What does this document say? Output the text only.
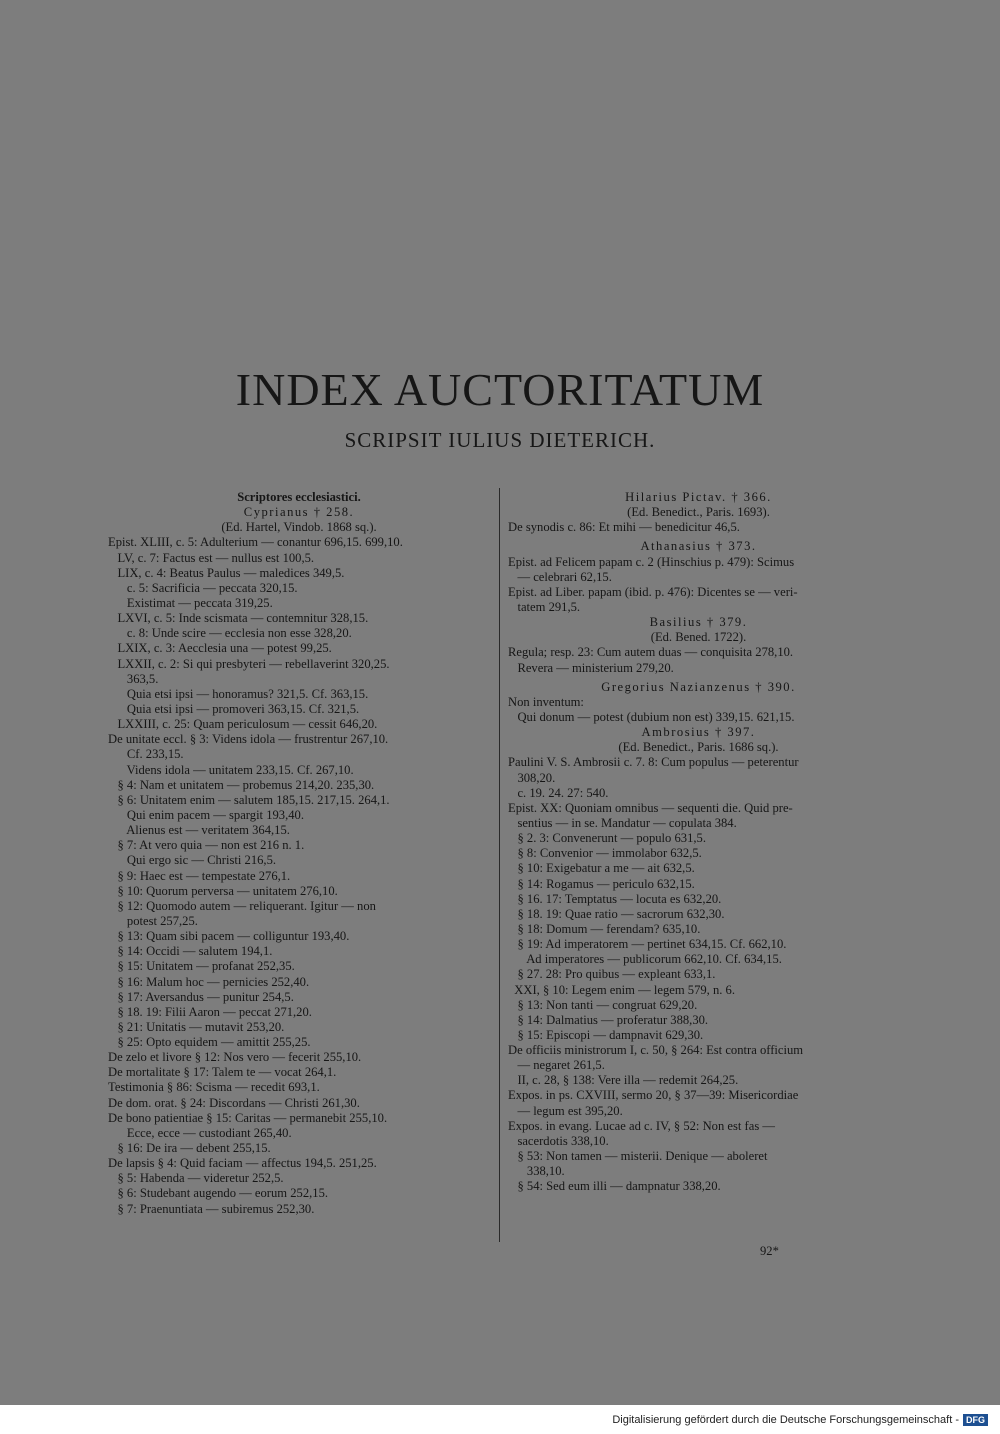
INDEX AUCTORITATUM
SCRIPSIT IULIUS DIETERICH.
Scriptores ecclesiastici.
Cyprianus † 258.
(Ed. Hartel, Vindob. 1868 sq.).
Epist. XLIII, c. 5: Adulterium — conantur 696,15. 699,10.
LV, c. 7: Factus est — nullus est 100,5.
LIX, c. 4: Beatus Paulus — maledices 349,5.
c. 5: Sacrificia — peccata 320,15.
Existimat — peccata 319,25.
LXVI, c. 5: Inde scismata — contemnitur 328,15.
c. 8: Unde scire — ecclesia non esse 328,20.
LXIX, c. 3: Aecclesia una — potest 99,25.
LXXII, c. 2: Si qui presbyteri — rebellaverint 320,25.
363,5.
Quia etsi ipsi — honoramus? 321,5. Cf. 363,15.
Quia etsi ipsi — promoveri 363,15. Cf. 321,5.
LXXIII, c. 25: Quam periculosum — cessit 646,20.
De unitate eccl. § 3: Videns idola — frustrentur 267,10.
Cf. 233,15.
Videns idola — unitatem 233,15. Cf. 267,10.
§ 4: Nam et unitatem — probemus 214,20. 235,30.
§ 6: Unitatem enim — salutem 185,15. 217,15. 264,1.
Qui enim pacem — spargit 193,40.
Alienus est — veritatem 364,15.
§ 7: At vero quia — non est 216 n. 1.
Qui ergo sic — Christi 216,5.
§ 9: Haec est — tempestate 276,1.
§ 10: Quorum perversa — unitatem 276,10.
§ 12: Quomodo autem — reliquerant. Igitur — non
potest 257,25.
§ 13: Quam sibi pacem — colliguntur 193,40.
§ 14: Occidi — salutem 194,1.
§ 15: Unitatem — profanat 252,35.
§ 16: Malum hoc — pernicies 252,40.
§ 17: Aversandus — punitur 254,5.
§ 18. 19: Filii Aaron — peccat 271,20.
§ 21: Unitatis — mutavit 253,20.
§ 25: Opto equidem — amittit 255,25.
De zelo et livore § 12: Nos vero — fecerit 255,10.
De mortalitate § 17: Talem te — vocat 264,1.
Testimonia § 86: Scisma — recedit 693,1.
De dom. orat. § 24: Discordans — Christi 261,30.
De bono patientiae § 15: Caritas — permanebit 255,10.
Ecce, ecce — custodiant 265,40.
§ 16: De ira — debent 255,15.
De lapsis § 4: Quid faciam — affectus 194,5. 251,25.
§ 5: Habenda — videretur 252,5.
§ 6: Studebant augendo — eorum 252,15.
§ 7: Praenuntiata — subiremus 252,30.
Hilarius Pictav. † 366.
(Ed. Benedict., Paris. 1693).
De synodis c. 86: Et mihi — benedicitur 46,5.
Athanasius † 373.
Epist. ad Felicem papam c. 2 (Hinschius p. 479): Scimus
— celebrari 62,15.
Epist. ad Liber. papam (ibid. p. 476): Dicentes se — veri-
tatem 291,5.
Basilius † 379.
(Ed. Bened. 1722).
Regula; resp. 23: Cum autem duas — conquisita 278,10.
Revera — ministerium 279,20.
Gregorius Nazianzenus † 390.
Non inventum:
Qui donum — potest (dubium non est) 339,15. 621,15.
Ambrosius † 397.
(Ed. Benedict., Paris. 1686 sq.).
Paulini V. S. Ambrosii c. 7. 8: Cum populus — peterentur
308,20.
c. 19. 24. 27: 540.
Epist. XX: Quoniam omnibus — sequenti die. Quid pre-
sentius — in se. Mandatur — copulata 384.
§ 2. 3: Convenerunt — populo 631,5.
§ 8: Convenior — immolabor 632,5.
§ 10: Exigebatur a me — ait 632,5.
§ 14: Rogamus — periculo 632,15.
§ 16. 17: Temptatus — locuta es 632,20.
§ 18. 19: Quae ratio — sacrorum 632,30.
§ 18: Domum — ferendam? 635,10.
§ 19: Ad imperatorem — pertinet 634,15. Cf. 662,10.
Ad imperatores — publicorum 662,10. Cf. 634,15.
§ 27. 28: Pro quibus — expleant 633,1.
XXI, § 10: Legem enim — legem 579, n. 6.
§ 13: Non tanti — congruat 629,20.
§ 14: Dalmatius — proferatur 388,30.
§ 15: Episcopi — dampnavit 629,30.
De officiis ministrorum I, c. 50, § 264: Est contra officium
— negaret 261,5.
II, c. 28, § 138: Vere illa — redemit 264,25.
Expos. in ps. CXVIII, sermo 20, § 37—39: Misericordiae
— legum est 395,20.
Expos. in evang. Lucae ad c. IV, § 52: Non est fas —
sacerdotis 338,10.
§ 53: Non tamen — misterii. Denique — aboleret
338,10.
§ 54: Sed eum illi — dampnatur 338,20.
92*
Digitalisierung gefördert durch die Deutsche Forschungsgemeinschaft - DFG
